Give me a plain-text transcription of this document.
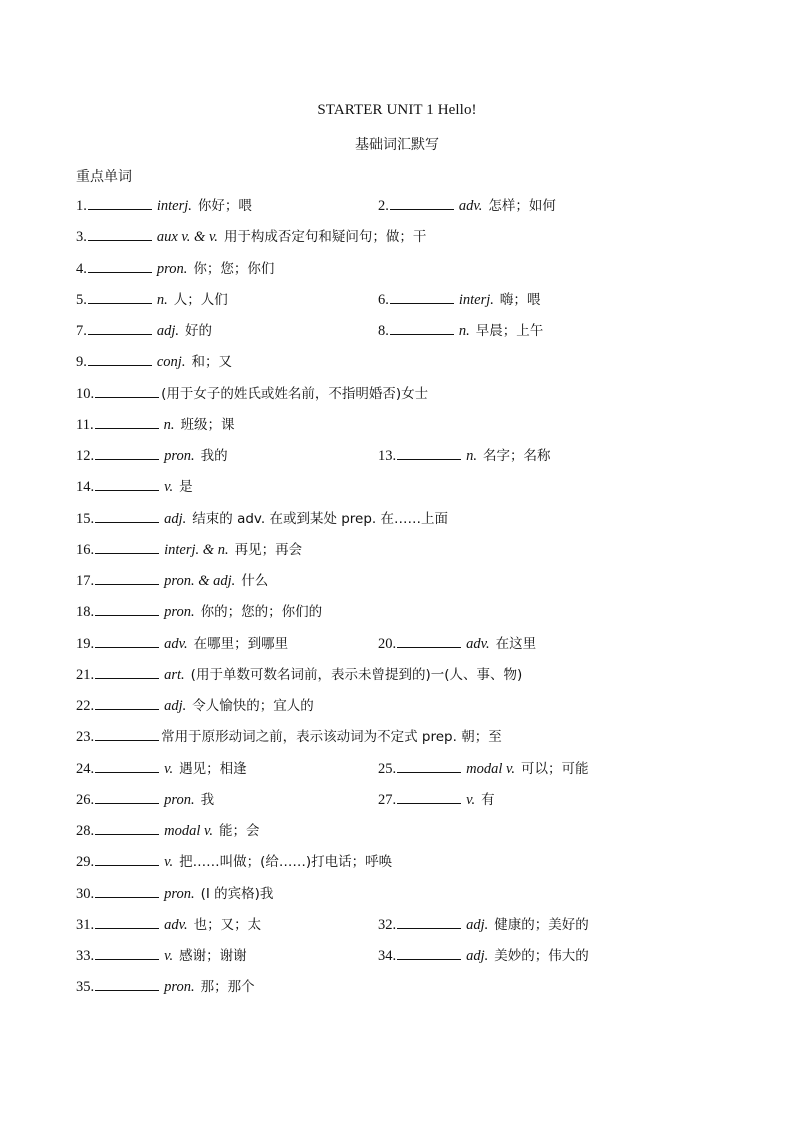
STARTER UNIT 1 Hello!
基础词汇默写
重点单词
1.	interj. 你好；喂	2.	adv. 怎样；如何
3.	aux v. & v. 用于构成否定句和疑问句；做；干
4.	pron. 你；您；你们
5.	n. 人；人们	6.	interj. 嗨；喂
7.	adj. 好的	8.	n. 早晨；上午
9.	conj. 和；又
10.	(用于女子的姓氏或姓名前，不指明婚否)女士
11.	n. 班级；课
12.	pron. 我的	13.	n. 名字；名称
14.	v. 是
15.	adj. 结束的 adv. 在或到某处 prep. 在……上面
16.	interj. & n. 再见；再会
17.	pron. & adj. 什么
18.	pron. 你的；您的；你们的
19.	adv. 在哪里；到哪里	20.	adv. 在这里
21.	art. (用于单数可数名词前，表示未曾提到的)一(人、事、物)
22.	adj. 令人愉快的；宜人的
23.	常用于原形动词之前，表示该动词为不定式 prep. 朝；至
24.	v. 遇见；相逢	25.	modal v. 可以；可能
26.	pron. 我	27.	v. 有
28.	modal v. 能；会
29.	v. 把……叫做；(给……)打电话；呼唤
30.	pron. (I 的宾格)我
31.	adv. 也；又；太	32.	adj. 健康的；美好的
33.	v. 感谢；谢谢	34.	adj. 美妙的；伟大的
35.	pron. 那；那个
